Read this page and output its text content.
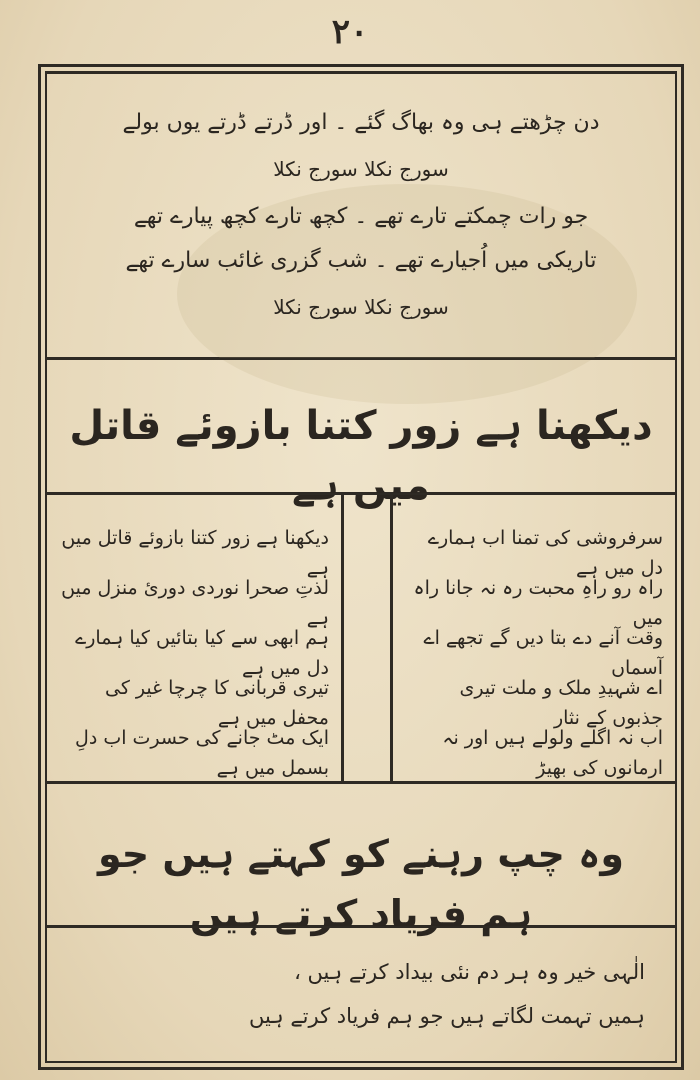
۲۰
دن چڑھتے ہی وہ بھاگ گئے ۔ اور ڈرتے ڈرتے یوں بولے
سورج نکلا سورج نکلا
جو رات چمکتے تارے تھے ۔ کچھ تارے کچھ پیارے تھے
تاریکی میں اُجیارے تھے ۔ شب گزری غائب سارے تھے
سورج نکلا سورج نکلا
دیکھنا ہے زور کتنا بازوئے قاتل میں ہے
سرفروشی کی تمنا اب ہمارے دل میں ہے
راہ رو راہِ محبت رہ نہ جانا راہ میں
وقت آنے دے بتا دیں گے تجھے اے آسماں
اے شہیدِ ملک و ملت تیری جذبوں کے نثار
اب نہ اگلے ولولے ہیں اور نہ ارمانوں کی بھیڑ
دیکھنا ہے زور کتنا بازوئے قاتل میں ہے
لذتِ صحرا نوردی دوریٔ منزل میں ہے
ہم ابھی سے کیا بتائیں کیا ہمارے دل میں ہے
تیری قربانی کا چرچا غیر کی محفل میں ہے
ایک مٹ جانے کی حسرت اب دلِ بسمل میں ہے
وہ چپ رہنے کو کہتے ہیں جو ہم فریاد کرتے ہیں
الٰہی خیر وہ ہر دم نئی بیداد کرتے ہیں ،
ہمیں تہمت لگاتے ہیں جو ہم فریاد کرتے ہیں
